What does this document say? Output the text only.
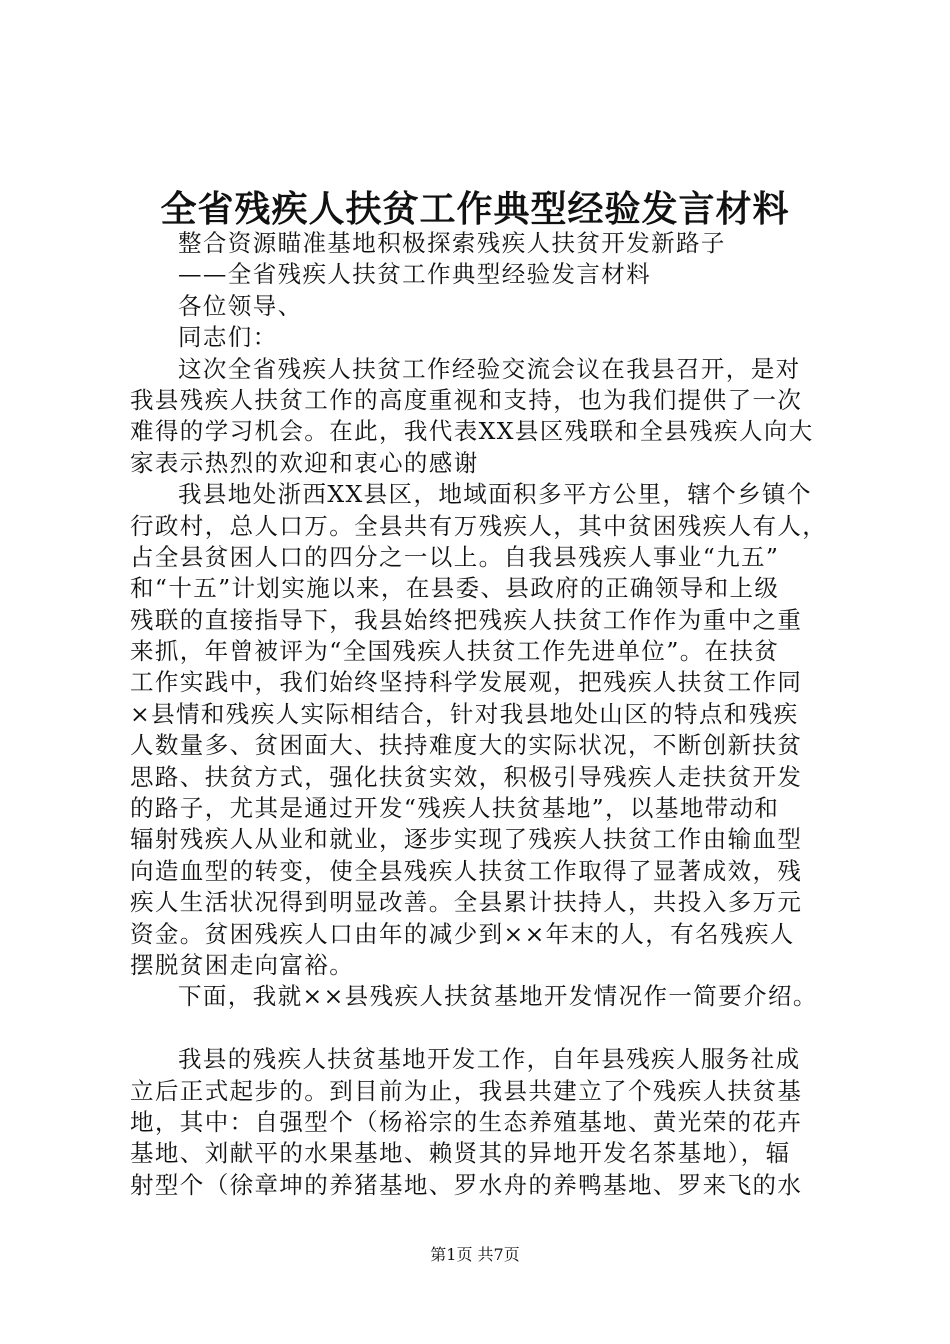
全省残疾人扶贫工作典型经验发言材料
整合资源瞄准基地积极探索残疾人扶贫开发新路子
——全省残疾人扶贫工作典型经验发言材料
各位领导、
同志们：
这次全省残疾人扶贫工作经验交流会议在我县召开，是对
我县残疾人扶贫工作的高度重视和支持，也为我们提供了一次
难得的学习机会。在此，我代表XX县区残联和全县残疾人向大
家表示热烈的欢迎和衷心的感谢
我县地处浙西XX县区，地域面积多平方公里，辖个乡镇个
行政村，总人口万。全县共有万残疾人，其中贫困残疾人有人，
占全县贫困人口的四分之一以上。自我县残疾人事业“九五”
和“十五”计划实施以来，在县委、县政府的正确领导和上级
残联的直接指导下，我县始终把残疾人扶贫工作作为重中之重
来抓，年曾被评为“全国残疾人扶贫工作先进单位”。在扶贫
工作实践中，我们始终坚持科学发展观，把残疾人扶贫工作同
×县情和残疾人实际相结合，针对我县地处山区的特点和残疾
人数量多、贫困面大、扶持难度大的实际状况，不断创新扶贫
思路、扶贫方式，强化扶贫实效，积极引导残疾人走扶贫开发
的路子，尤其是通过开发“残疾人扶贫基地”，以基地带动和
辐射残疾人从业和就业，逐步实现了残疾人扶贫工作由输血型
向造血型的转变，使全县残疾人扶贫工作取得了显著成效，残
疾人生活状况得到明显改善。全县累计扶持人，共投入多万元
资金。贫困残疾人口由年的减少到××年末的人，有名残疾人
摆脱贫困走向富裕。
下面，我就××县残疾人扶贫基地开发情况作一简要介绍。
我县的残疾人扶贫基地开发工作，自年县残疾人服务社成
立后正式起步的。到目前为止，我县共建立了个残疾人扶贫基
地，其中：自强型个（杨裕宗的生态养殖基地、黄光荣的花卉
基地、刘献平的水果基地、赖贤其的异地开发名茶基地），辐
射型个（徐章坤的养猪基地、罗水舟的养鸭基地、罗来飞的水
第1页 共7页
